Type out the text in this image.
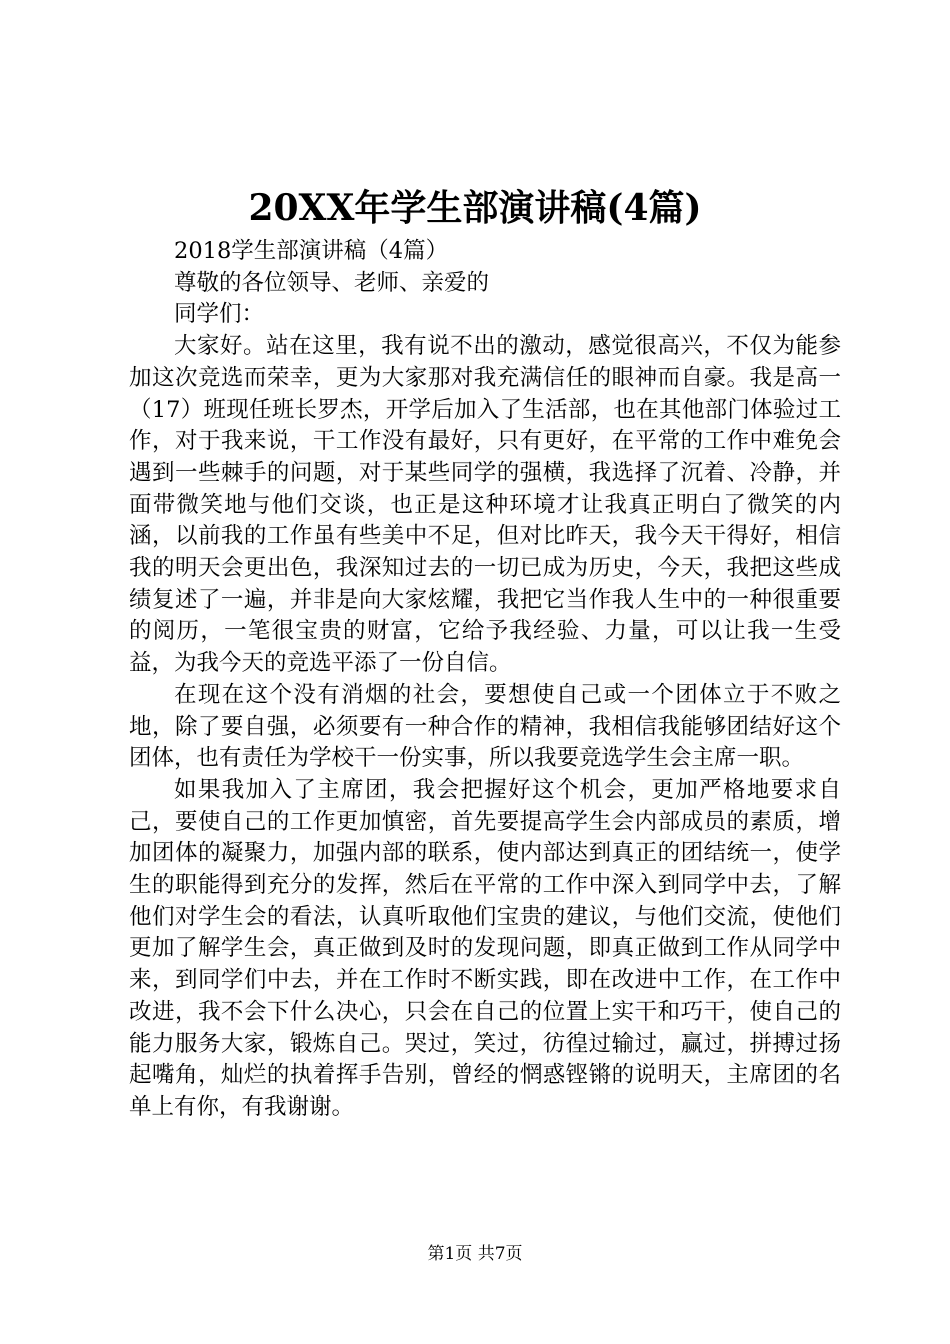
20XX年学生部演讲稿(4篇)

2018学生部演讲稿（4篇）

尊敬的各位领导、老师、亲爱的

同学们：

大家好。站在这里，我有说不出的激动，感觉很高兴，不仅为能参加这次竞选而荣幸，更为大家那对我充满信任的眼神而自豪。我是高一（17）班现任班长罗杰，开学后加入了生活部，也在其他部门体验过工作，对于我来说，干工作没有最好，只有更好，在平常的工作中难免会遇到一些棘手的问题，对于某些同学的强横，我选择了沉着、冷静，并面带微笑地与他们交谈，也正是这种环境才让我真正明白了微笑的内涵，以前我的工作虽有些美中不足，但对比昨天，我今天干得好，相信我的明天会更出色，我深知过去的一切已成为历史，今天，我把这些成绩复述了一遍，并非是向大家炫耀，我把它当作我人生中的一种很重要的阅历，一笔很宝贵的财富，它给予我经验、力量，可以让我一生受益，为我今天的竞选平添了一份自信。

在现在这个没有消烟的社会，要想使自己或一个团体立于不败之地，除了要自强，必须要有一种合作的精神，我相信我能够团结好这个团体，也有责任为学校干一份实事，所以我要竞选学生会主席一职。

如果我加入了主席团，我会把握好这个机会，更加严格地要求自己，要使自己的工作更加慎密，首先要提高学生会内部成员的素质，增加团体的凝聚力，加强内部的联系，使内部达到真正的团结统一，使学生的职能得到充分的发挥，然后在平常的工作中深入到同学中去，了解他们对学生会的看法，认真听取他们宝贵的建议，与他们交流，使他们更加了解学生会，真正做到及时的发现问题，即真正做到工作从同学中来，到同学们中去，并在工作时不断实践，即在改进中工作，在工作中改进，我不会下什么决心，只会在自己的位置上实干和巧干，使自己的能力服务大家，锻炼自己。哭过，笑过，彷徨过输过，赢过，拼搏过扬起嘴角，灿烂的执着挥手告别，曾经的惘惑铿锵的说明天，主席团的名单上有你，有我谢谢。

第1页 共7页
